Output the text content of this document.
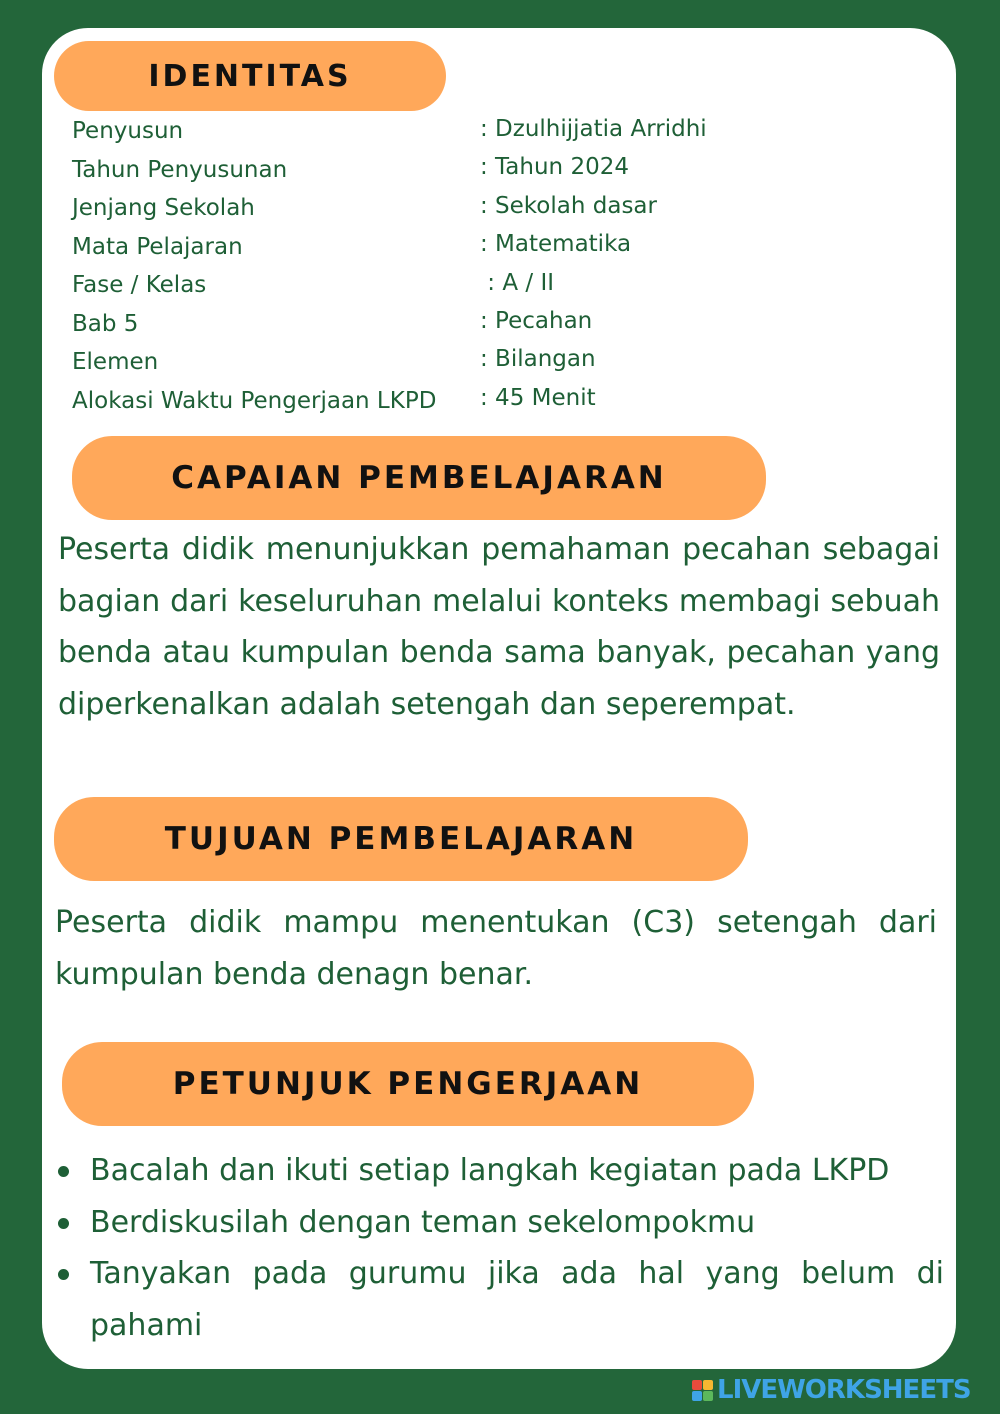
IDENTITAS
Penyusun	: Dzulhijjatia Arridhi
Tahun Penyusunan	: Tahun 2024
Jenjang Sekolah	: Sekolah dasar
Mata Pelajaran	: Matematika
Fase / Kelas	: A / II
Bab 5	: Pecahan
Elemen	: Bilangan
Alokasi Waktu Pengerjaan LKPD : 45 Menit
CAPAIAN PEMBELAJARAN

Peserta didik menunjukkan pemahaman pecahan sebagai bagian dari keseluruhan melalui konteks membagi sebuah benda atau kumpulan benda sama banyak, pecahan yang diperkenalkan adalah setengah dan seperempat.

TUJUAN PEMBELAJARAN

Peserta didik mampu menentukan (C3) setengah dari kumpulan benda denagn benar.

PETUNJUK PENGERJAAN
Bacalah dan ikuti setiap langkah kegiatan pada LKPD
Berdiskusilah dengan teman sekelompokmu
Tanyakan pada gurumu jika ada hal yang belum di pahami
LIVEWORKSHEETS
